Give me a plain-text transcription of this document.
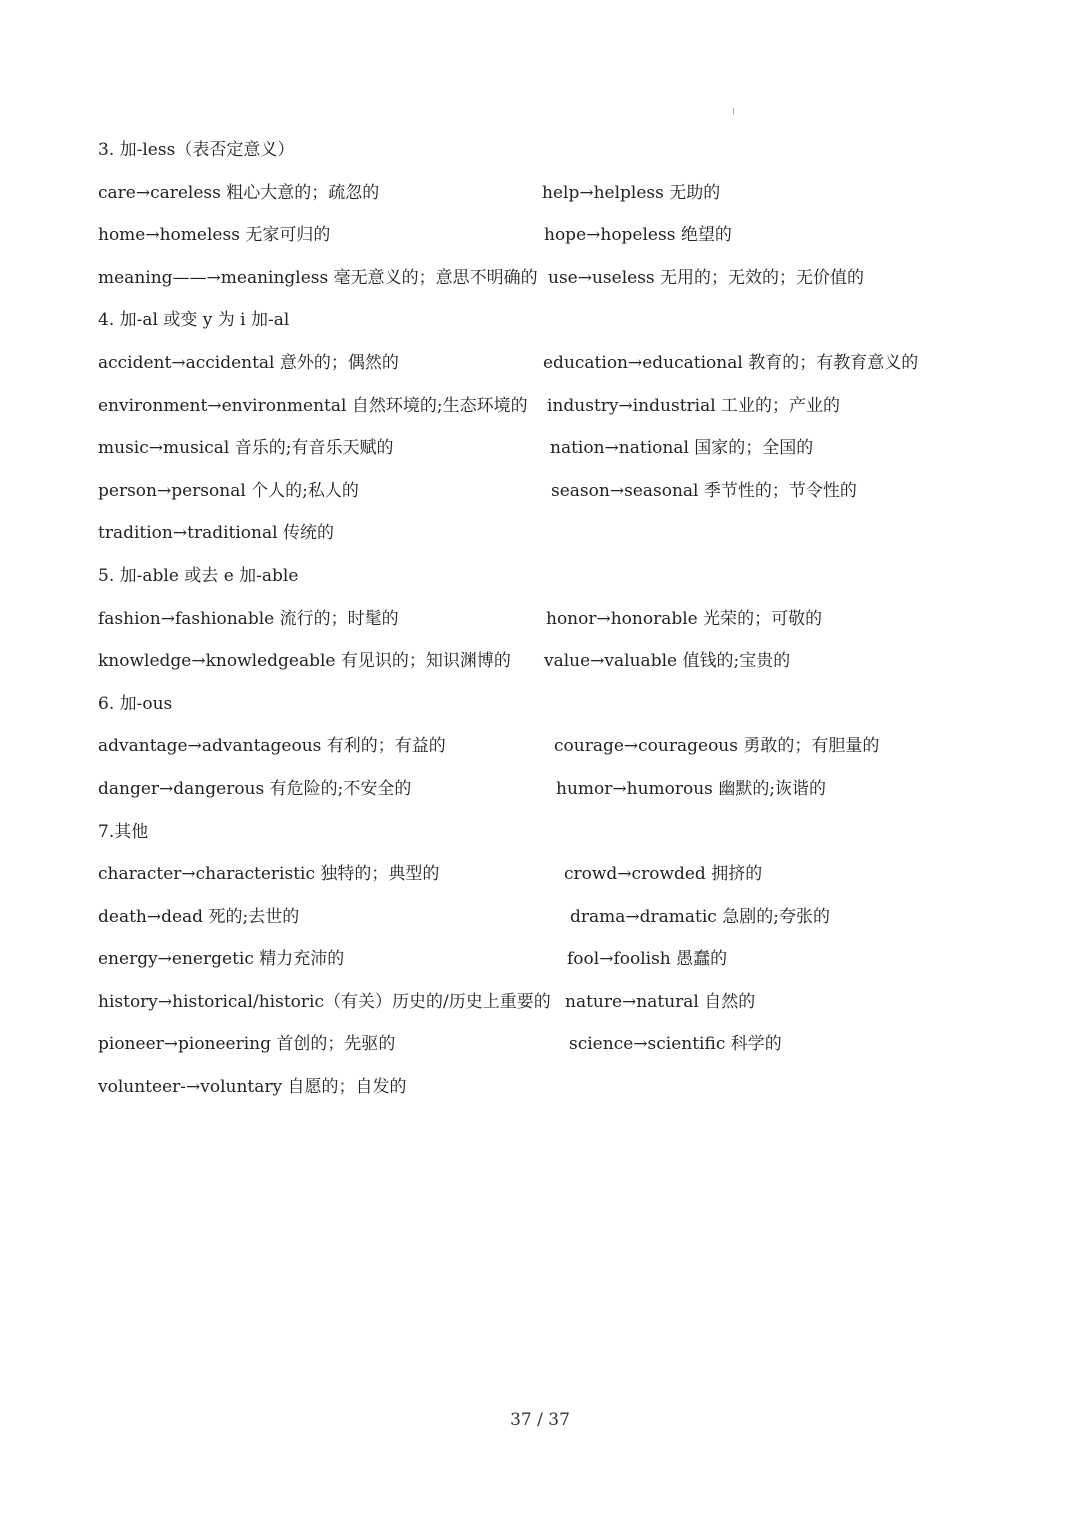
3. 加-less（表否定意义）
care→careless 粗心大意的；疏忽的	help→helpless 无助的
home→homeless 无家可归的	hope→hopeless 绝望的
meaning——→meaningless 毫无意义的；意思不明确的 use→useless 无用的；无效的；无价值的
4. 加-al 或变 y 为 i 加-al
accident→accidental 意外的；偶然的	education→educational 教育的；有教育意义的
environment→environmental 自然环境的;生态环境的 industry→industrial 工业的；产业的
music→musical 音乐的;有音乐天赋的	nation→national 国家的；全国的
person→personal 个人的;私人的	season→seasonal 季节性的；节令性的
tradition→traditional 传统的
5. 加-able 或去 e 加-able
fashion→fashionable 流行的；时髦的	honor→honorable 光荣的；可敬的
knowledge→knowledgeable 有见识的；知识渊博的 value→valuable 值钱的;宝贵的
6. 加-ous
advantage→advantageous 有利的；有益的	courage→courageous 勇敢的；有胆量的
danger→dangerous 有危险的;不安全的	humor→humorous 幽默的;诙谐的
7.其他
character→characteristic 独特的；典型的	crowd→crowded 拥挤的
death→dead 死的;去世的	drama→dramatic 急剧的;夸张的
energy→energetic 精力充沛的	fool→foolish 愚蠢的
history→historical/historic（有关）历史的/历史上重要的 nature→natural 自然的
pioneer→pioneering 首创的；先驱的	science→scientific 科学的
volunteer-→voluntary 自愿的；自发的
37 / 37
